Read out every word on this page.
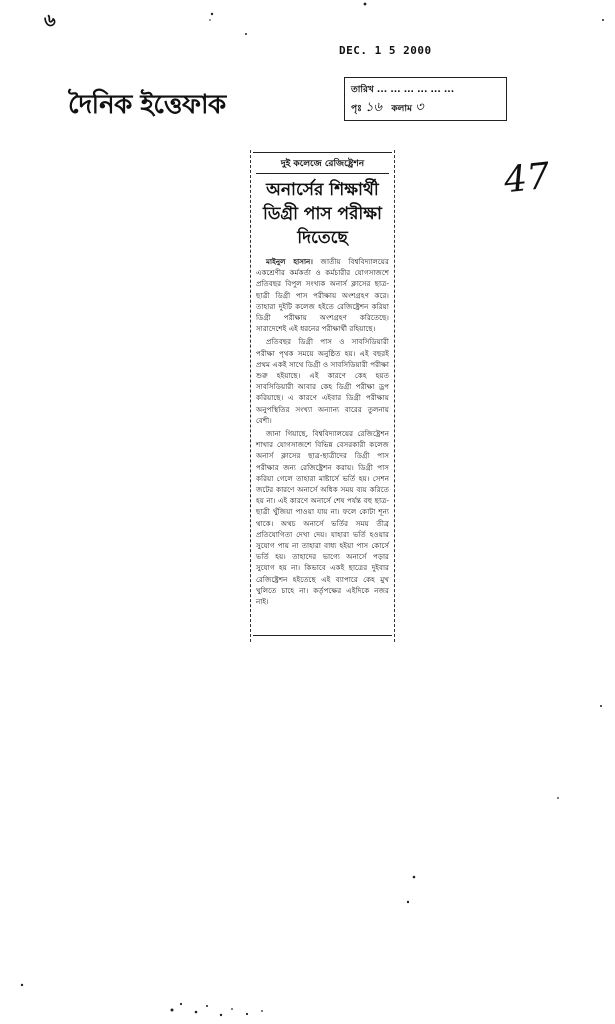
৬
DEC. 1 5 2000
দৈনিক ইত্তেফাক	তারিখ ... ... ... ... ... ...
পৃঃ ১৬ কলাম ৩
47
দুই কলেজে রেজিষ্ট্রেশন
অনার্সের শিক্ষার্থী
ডিগ্রী পাস পরীক্ষা
দিতেছে

মাইনুল হাসান। জাতীয় বিশ্ববিদ্যালয়ের একশ্রেণীর কর্মকর্তা ও কর্মচারীর যোগসাজশে প্রতিবছর বিপুল সংখ্যক অনার্স ক্লাসের ছাত্র-ছাত্রী ডিগ্রী পাস পরীক্ষায় অংশগ্রহণ করে। তাহারা দুইটি কলেজ হইতে রেজিষ্ট্রেশন করিয়া ডিগ্রী পরীক্ষায় অংশগ্রহণ করিতেছে। সারাদেশেই এই ধরনের পরীক্ষার্থী রহিয়াছে।

প্রতিবছর ডিগ্রী পাস ও সাবসিডিয়ারী পরীক্ষা পৃথক সময়ে অনুষ্ঠিত হয়। এই বছরই প্রথম একই সাথে ডিগ্রী ও সাবসিডিয়ারী পরীক্ষা শুরু হইয়াছে। এই কারণে কেহ হয়ত সাবসিডিয়ারী আবার কেহ ডিগ্রী পরীক্ষা ড্রপ করিয়াছে। এ কারণে এইবার ডিগ্রী পরীক্ষায় অনুপস্থিতির সংখ্যা অন্যান্য বারের তুলনায় বেশী।

জানা গিয়াছে, বিশ্ববিদ্যালয়ের রেজিষ্ট্রেশন শাখার যোগসাজশে বিভিন্ন বেসরকারী কলেজ অনার্স ক্লাসের ছাত্র-ছাত্রীদের ডিগ্রী পাস পরীক্ষার জন্য রেজিষ্ট্রেশন করায়। ডিগ্রী পাস করিয়া গেলে তাহারা মাষ্টার্সে ভর্তি হয়। সেশন জটের কারণে অনার্সে অধিক সময় ব্যয় করিতে হয় না। এই কারণে অনার্সে শেষ পর্যন্ত বহু ছাত্র-ছাত্রী খুঁজিয়া পাওয়া যায় না। ফলে কোটা শূন্য থাকে। অথচ অনার্সে ভর্তির সময় তীব্র প্রতিযোগিতা দেখা দেয়। যাহারা ভর্তি হওয়ার সুযোগ পায় না তাহারা বাধ্য হইয়া পাস কোর্সে ভর্তি হয়। তাহাদের ভাগ্যে অনার্সে পড়ার সুযোগ হয় না। কিভাবে একই ছাত্রের দুইবার রেজিষ্ট্রেশন হইতেছে এই ব্যাপারে কেহ মুখ খুলিতে চাহে না। কর্তৃপক্ষের এইদিকে নজর নাই।
